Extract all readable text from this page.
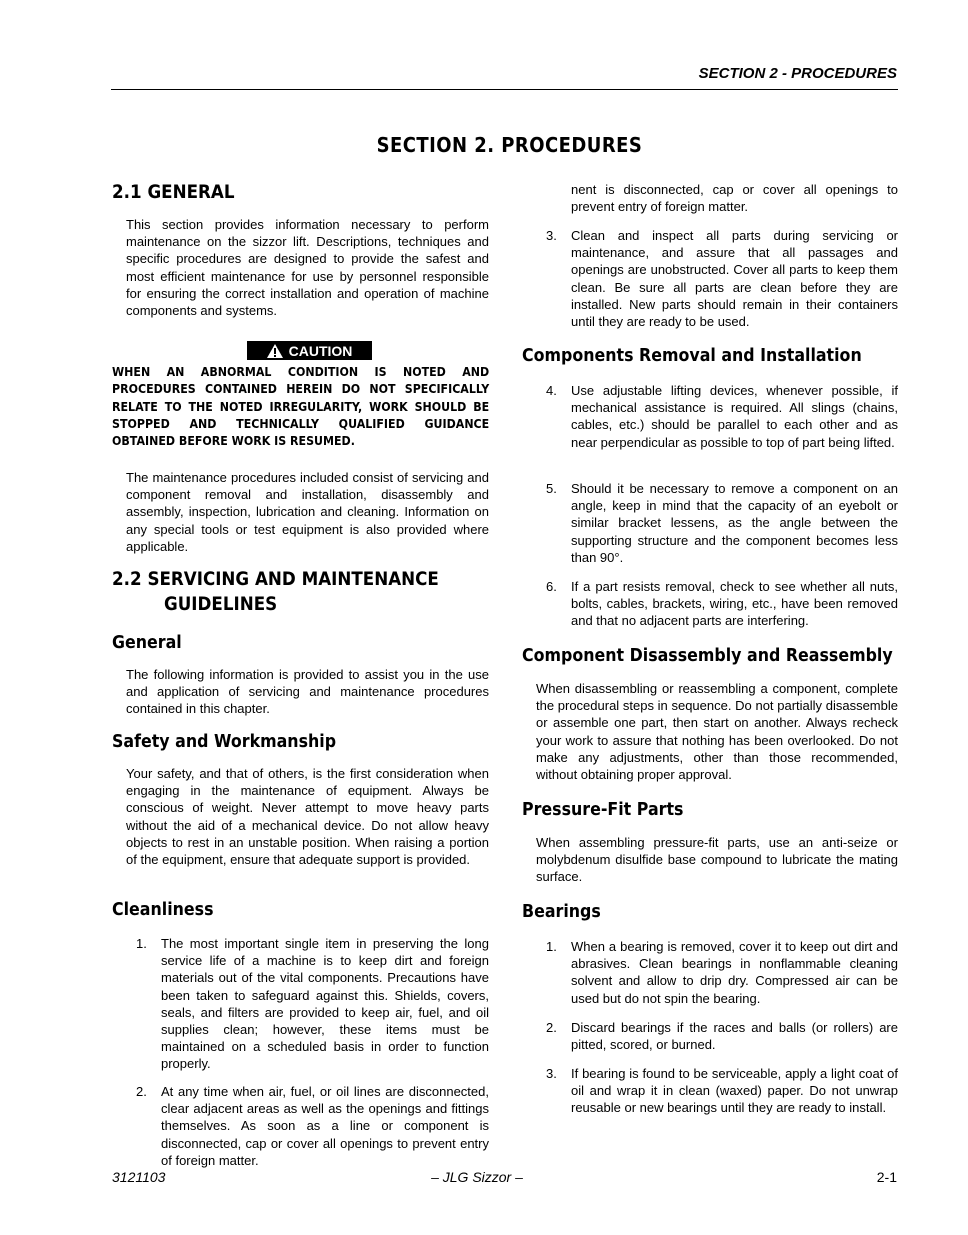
SECTION 2 - PROCEDURES
SECTION 2. PROCEDURES
2.1 GENERAL

This section provides information necessary to perform maintenance on the sizzor lift. Descriptions, techniques and specific procedures are designed to provide the safest and most efficient maintenance for use by personnel responsible for ensuring the correct installation and operation of machine components and systems.

CAUTION

WHEN AN ABNORMAL CONDITION IS NOTED AND PROCEDURES CONTAINED HEREIN DO NOT SPECIFICALLY RELATE TO THE NOTED IRREGULARITY, WORK SHOULD BE STOPPED AND TECHNICALLY QUALIFIED GUIDANCE OBTAINED BEFORE WORK IS RESUMED.

The maintenance procedures included consist of servicing and component removal and installation, disassembly and assembly, inspection, lubrication and cleaning. Information on any special tools or test equipment is also provided where applicable.

2.2 SERVICING AND MAINTENANCE
GUIDELINES
General

The following information is provided to assist you in the use and application of servicing and maintenance procedures contained in this chapter.

Safety and Workmanship

Your safety, and that of others, is the first consideration when engaging in the maintenance of equipment. Always be conscious of weight. Never attempt to move heavy parts without the aid of a mechanical device. Do not allow heavy objects to rest in an unstable position. When raising a portion of the equipment, ensure that adequate support is provided.

Cleanliness
1. The most important single item in preserving the long service life of a machine is to keep dirt and foreign materials out of the vital components. Precautions have been taken to safeguard against this. Shields, covers, seals, and filters are provided to keep air, fuel, and oil supplies clean; however, these items must be maintained on a scheduled basis in order to function properly.
2. At any time when air, fuel, or oil lines are disconnected, clear adjacent areas as well as the openings and fittings themselves. As soon as a line or component is disconnected, cap or cover all openings to prevent entry of foreign matter.

nent is disconnected, cap or cover all openings to prevent entry of foreign matter.

3. Clean and inspect all parts during servicing or maintenance, and assure that all passages and openings are unobstructed. Cover all parts to keep them clean. Be sure all parts are clean before they are installed. New parts should remain in their containers until they are ready to be used.
Components Removal and Installation
4. Use adjustable lifting devices, whenever possible, if mechanical assistance is required. All slings (chains, cables, etc.) should be parallel to each other and as near perpendicular as possible to top of part being lifted.
5. Should it be necessary to remove a component on an angle, keep in mind that the capacity of an eyebolt or similar bracket lessens, as the angle between the supporting structure and the component becomes less than 90°.
6. If a part resists removal, check to see whether all nuts, bolts, cables, brackets, wiring, etc., have been removed and that no adjacent parts are interfering.
Component Disassembly and Reassembly

When disassembling or reassembling a component, complete the procedural steps in sequence. Do not partially disassemble or assemble one part, then start on another. Always recheck your work to assure that nothing has been overlooked. Do not make any adjustments, other than those recommended, without obtaining proper approval.

Pressure-Fit Parts

When assembling pressure-fit parts, use an anti-seize or molybdenum disulfide base compound to lubricate the mating surface.

Bearings
1. When a bearing is removed, cover it to keep out dirt and abrasives. Clean bearings in nonflammable cleaning solvent and allow to drip dry. Compressed air can be used but do not spin the bearing.
2. Discard bearings if the races and balls (or rollers) are pitted, scored, or burned.
3. If bearing is found to be serviceable, apply a light coat of oil and wrap it in clean (waxed) paper. Do not unwrap reusable or new bearings until they are ready to install.
3121103	– JLG Sizzor –	2-1
